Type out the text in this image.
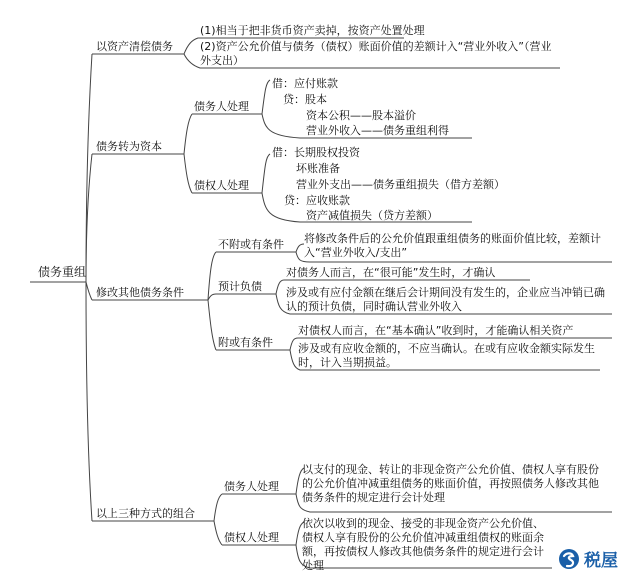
债务重组

以资产清偿债务

(1)相当于把非货币资产卖掉，按资产处置处理

(2)资产公允价值与债务（债权）账面价值的差额计入“营业外收入”（营业外支出）

债务转为资本

债务人处理

借：应付账款

贷：股本

资本公积——股本溢价

营业外收入——债务重组利得

债权人处理

借：长期股权投资

坏账准备

营业外支出——债务重组损失（借方差额）

贷：应收账款

资产减值损失（贷方差额）

修改其他债务条件

不附或有条件 将修改条件后的公允价值跟重组债务的账面价值比较，差额计入“营业外收入/支出”

预计负债

对债务人而言，在“很可能”发生时，才确认

涉及或有应付金额在继后会计期间没有发生的，企业应当冲销已确认的预计负债，同时确认营业外收入

附或有条件

对债权人而言，在“基本确认”收到时，才能确认相关资产

涉及或有应收金额的，不应当确认。在或有应收金额实际发生时，计入当期损益。

以上三种方式的组合

债务人处理

以支付的现金、转让的非现金资产公允价值、债权人享有股份的公允价值冲减重组债务的账面价值，再按照债务人修改其他债务条件的规定进行会计处理

债权人处理

依次以收到的现金、接受的非现金资产公允价值、债权人享有股份的公允价值冲减重组债权的账面余额，再按债权人修改其他债务条件的规定进行会计处理	税屋
